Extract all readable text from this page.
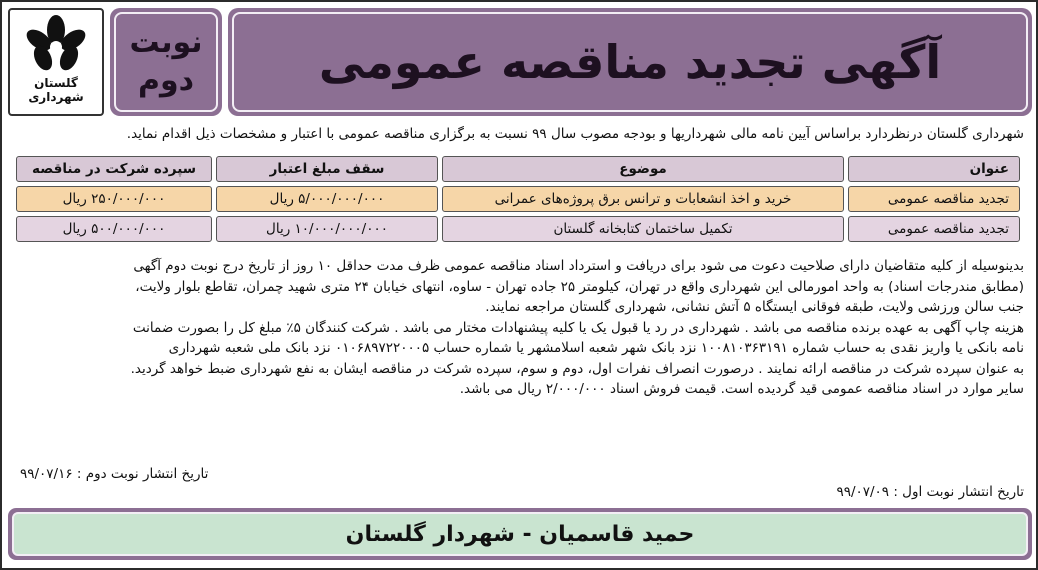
آگهی تجدید مناقصه عمومی
نوبت
دوم
گلستان
شهرداری
شهرداری گلستان درنظردارد براساس آیین نامه مالی شهرداریها و بودجه مصوب سال ۹۹ نسبت به برگزاری مناقصه عمومی با اعتبار و مشخصات ذیل اقدام نماید.
عنوان	موضوع	سقف مبلغ اعتبار	سپرده شرکت در مناقصه
تجدید مناقصه عمومی	خرید و اخذ انشعابات و ترانس برق پروژه‌های عمرانی	۵/۰۰۰/۰۰۰/۰۰۰ ریال	۲۵۰/۰۰۰/۰۰۰ ریال
تجدید مناقصه عمومی	تکمیل ساختمان کتابخانه گلستان	۱۰/۰۰۰/۰۰۰/۰۰۰ ریال	۵۰۰/۰۰۰/۰۰۰ ریال

بدینوسیله از کلیه متقاضیان دارای صلاحیت دعوت می شود برای دریافت و استرداد اسناد مناقصه عمومی ظرف مدت حداقل ۱۰ روز از تاریخ درج نوبت دوم آگهی

(مطابق مندرجات اسناد) به واحد امورمالی این شهرداری واقع در تهران، کیلومتر ۲۵ جاده تهران - ساوه، انتهای خیابان ۲۴ متری شهید چمران، تقاطع بلوار ولایت،

جنب سالن ورزشی ولایت، طبقه فوقانی ایستگاه ۵ آتش نشانی، شهرداری گلستان مراجعه نمایند.

هزینه چاپ آگهی به عهده برنده مناقصه می باشد . شهرداری در رد یا قبول یک یا کلیه پیشنهادات مختار می باشد . شرکت کنندگان ۵٪ مبلغ کل را بصورت ضمانت

نامه بانکی یا واریز نقدی به حساب شماره ۱۰۰۸۱۰۳۶۳۱۹۱ نزد بانک شهر شعبه اسلامشهر یا شماره حساب ۰۱۰۶۸۹۷۲۲۰۰۰۵ نزد بانک ملی شعبه شهرداری

به عنوان سپرده شرکت در مناقصه ارائه نمایند . درصورت انصراف نفرات اول، دوم و سوم، سپرده شرکت در مناقصه ایشان به نفع شهرداری ضبط خواهد گردید.

سایر موارد در اسناد مناقصه عمومی قید گردیده است. قیمت فروش اسناد ۲/۰۰۰/۰۰۰ ریال می باشد.

تاریخ انتشار نوبت اول : ۹۹/۰۷/۰۹
تاریخ انتشار نوبت دوم : ۹۹/۰۷/۱۶
حمید قاسمیان - شهردار گلستان
